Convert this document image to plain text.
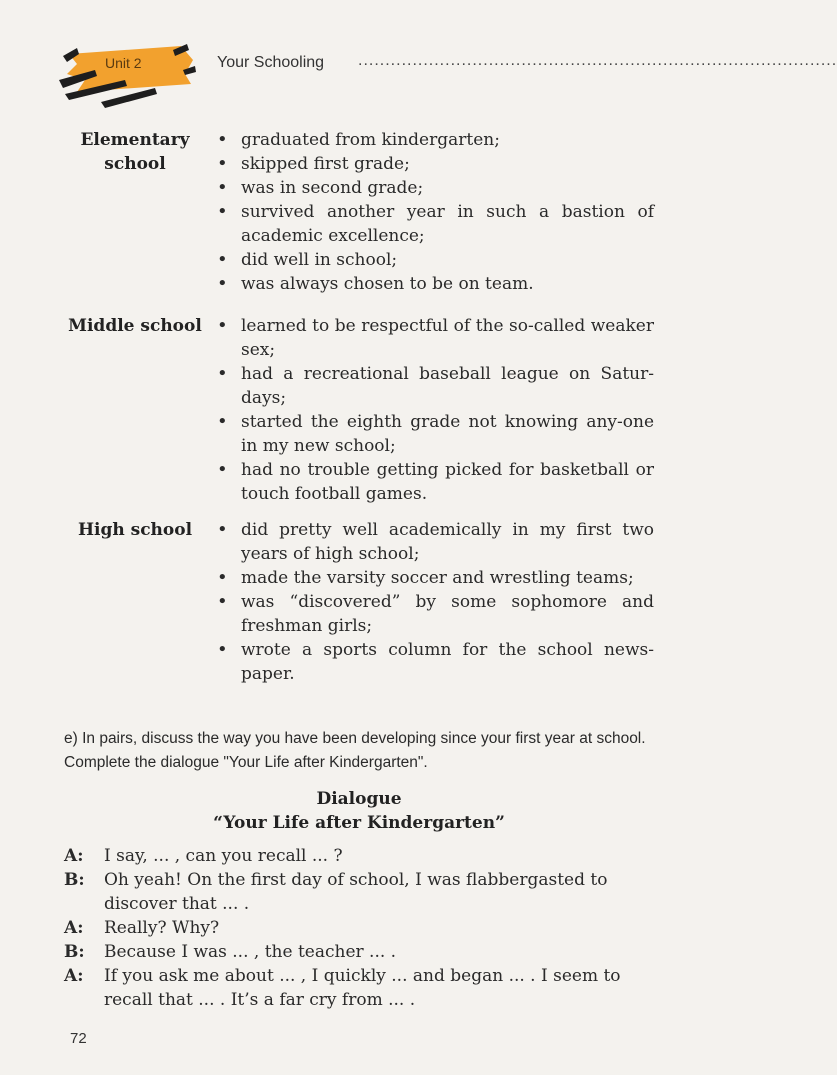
Unit 2	Your Schooling ........................................................................................
Elementary school
• graduated from kindergarten;
• skipped first grade;
• was in second grade;
• survived another year in such a bastion of academic excellence;
• did well in school;
• was always chosen to be on team.
Middle school	• learned to be respectful of the so-called weaker sex;
• had a recreational baseball league on Satur-days;
• started the eighth grade not knowing any-one in my new school;
• had no trouble getting picked for basketball or touch football games.
High school	• did pretty well academically in my first two years of high school;
• made the varsity soccer and wrestling teams;
• was “discovered” by some sophomore and freshman girls;
• wrote a sports column for the school news-paper.
e) In pairs, discuss the way you have been developing since your first year at school. Complete the dialogue "Your Life after Kindergarten".
Dialogue
“Your Life after Kindergarten”
A: I say, ... , can you recall ... ?
B: Oh yeah! On the first day of school, I was flabbergasted to discover that ... .
A: Really? Why?
B: Because I was ... , the teacher ... .
A: If you ask me about ... , I quickly ... and began ... . I seem to recall that ... . It’s a far cry from ... .
72
